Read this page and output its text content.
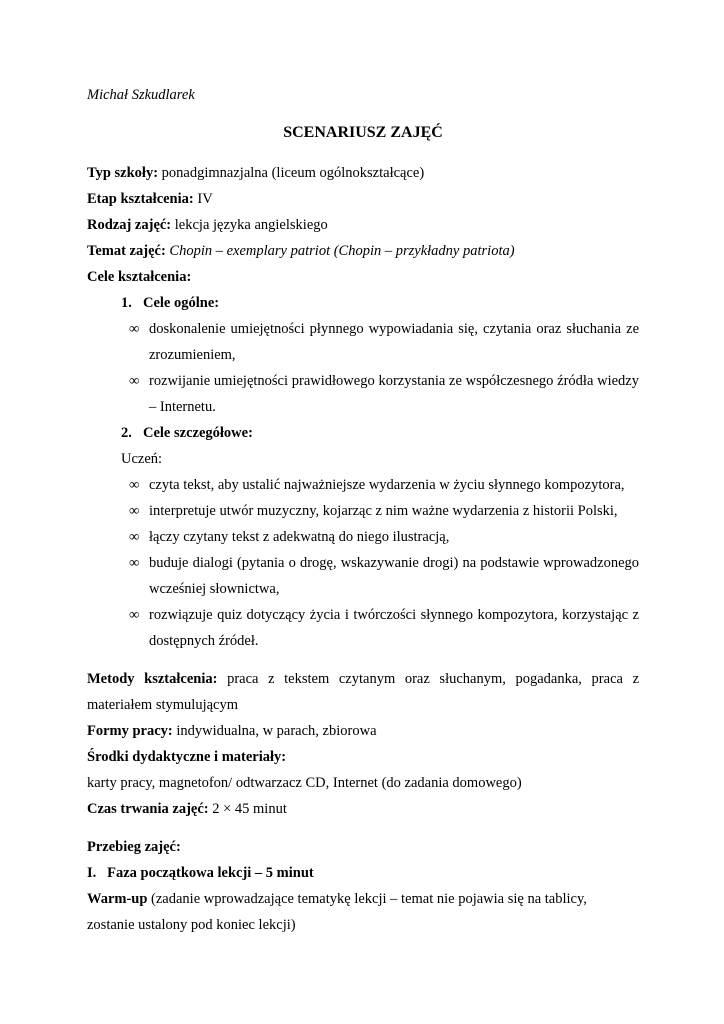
Michał Szkudlarek

SCENARIUSZ ZAJĘĆ

Typ szkoły: ponadgimnazjalna (liceum ogólnokształcące)

Etap kształcenia: IV

Rodzaj zajęć: lekcja języka angielskiego

Temat zajęć: Chopin – exemplary patriot (Chopin – przykładny patriota)

Cele kształcenia:

1. Cele ogólne:

∞ doskonalenie umiejętności płynnego wypowiadania się, czytania oraz słuchania ze zrozumieniem,
∞ rozwijanie umiejętności prawidłowego korzystania ze współczesnego źródła wiedzy – Internetu.

2. Cele szczegółowe:

Uczeń:

∞ czyta tekst, aby ustalić najważniejsze wydarzenia w życiu słynnego kompozytora,
∞ interpretuje utwór muzyczny, kojarząc z nim ważne wydarzenia z historii Polski,
∞ łączy czytany tekst z adekwatną do niego ilustracją,
∞ buduje dialogi (pytania o drogę, wskazywanie drogi) na podstawie wprowadzonego wcześniej słownictwa,
∞ rozwiązuje quiz dotyczący życia i twórczości słynnego kompozytora, korzystając z dostępnych źródeł.

Metody kształcenia: praca z tekstem czytanym oraz słuchanym, pogadanka, praca z materiałem stymulującym

Formy pracy: indywidualna, w parach, zbiorowa

Środki dydaktyczne i materiały:

karty pracy, magnetofon/ odtwarzacz CD, Internet (do zadania domowego)

Czas trwania zajęć: 2 × 45 minut

Przebieg zajęć:

I.   Faza początkowa lekcji – 5 minut

Warm-up (zadanie wprowadzające tematykę lekcji – temat nie pojawia się na tablicy,

zostanie ustalony pod koniec lekcji)
